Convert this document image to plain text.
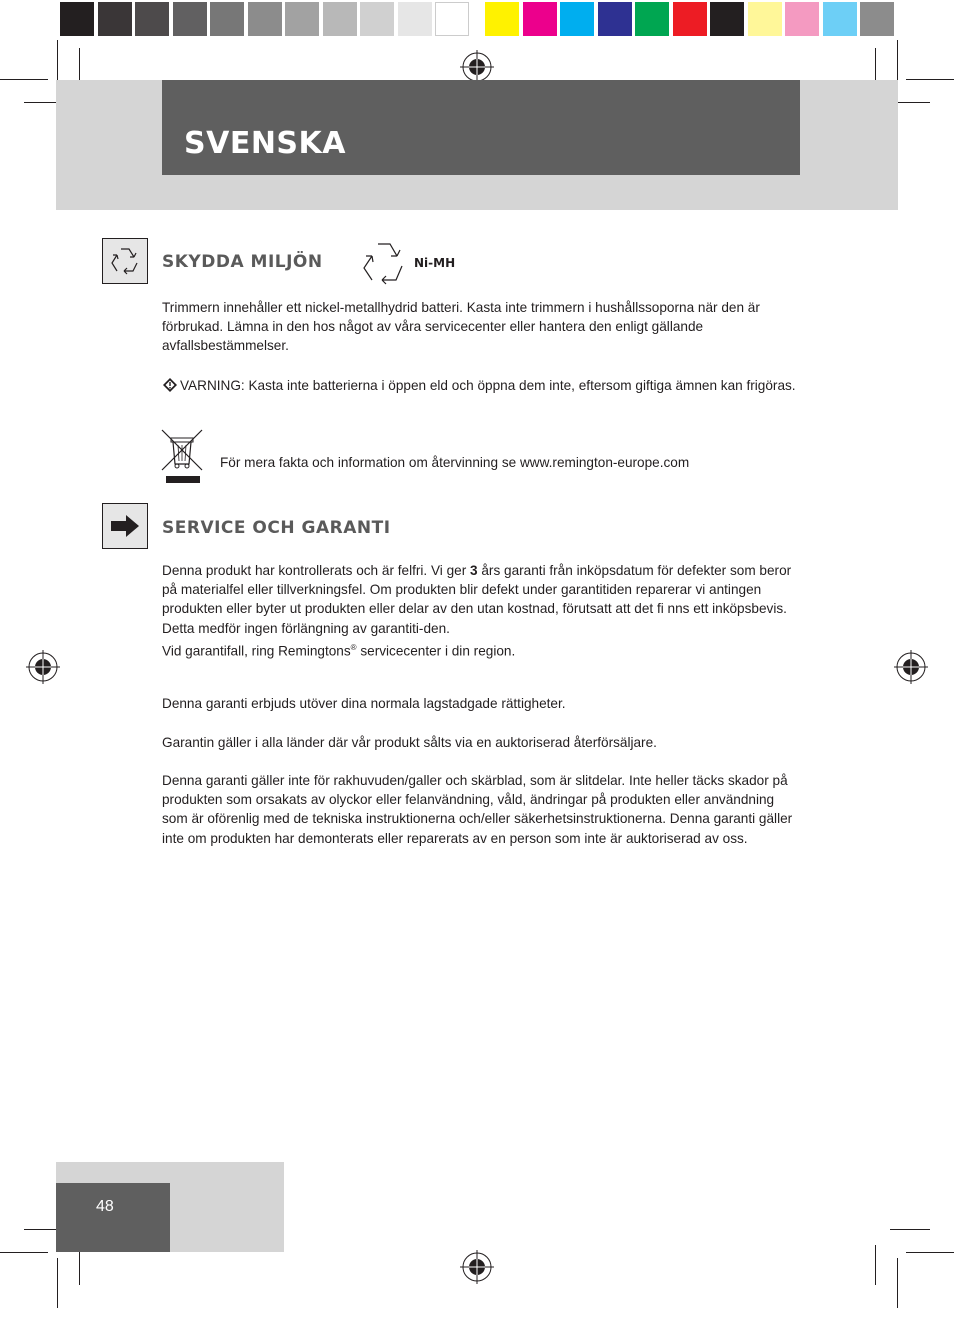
SVENSKA
SKYDDA MILJÖN	Ni-MH

Trimmern innehåller ett nickel-metallhydrid batteri. Kasta inte trimmern i hushållssoporna när den är förbrukad. Lämna in den hos något av våra servicecenter eller hantera den enligt gällande avfallsbestämmelser.

VARNING: Kasta inte batterierna i öppen eld och öppna dem inte, eftersom giftiga ämnen kan frigöras.
För mera fakta och information om återvinning se www.remington-europe.com
SERVICE OCH GARANTI

Denna produkt har kontrollerats och är felfri. Vi ger 3 års garanti från inköpsdatum för defekter som beror på materialfel eller tillverkningsfel. Om produkten blir defekt under garantitiden reparerar vi antingen produkten eller byter ut produkten eller delar av den utan kostnad, förutsatt att det fi nns ett inköpsbevis. Detta medför ingen förlängning av garantiti-den.
Vid garantifall, ring Remingtons® servicecenter i din region.

Denna garanti erbjuds utöver dina normala lagstadgade rättigheter.

Garantin gäller i alla länder där vår produkt sålts via en auktoriserad återförsäljare.

Denna garanti gäller inte för rakhuvuden/galler och skärblad, som är slitdelar. Inte heller täcks skador på produkten som orsakats av olyckor eller felanvändning, våld, ändringar på produkten eller användning som är oförenlig med de tekniska instruktionerna och/eller säkerhetsinstruktionerna. Denna garanti gäller inte om produkten har demonterats eller reparerats av en person som inte är auktoriserad av oss.

48
